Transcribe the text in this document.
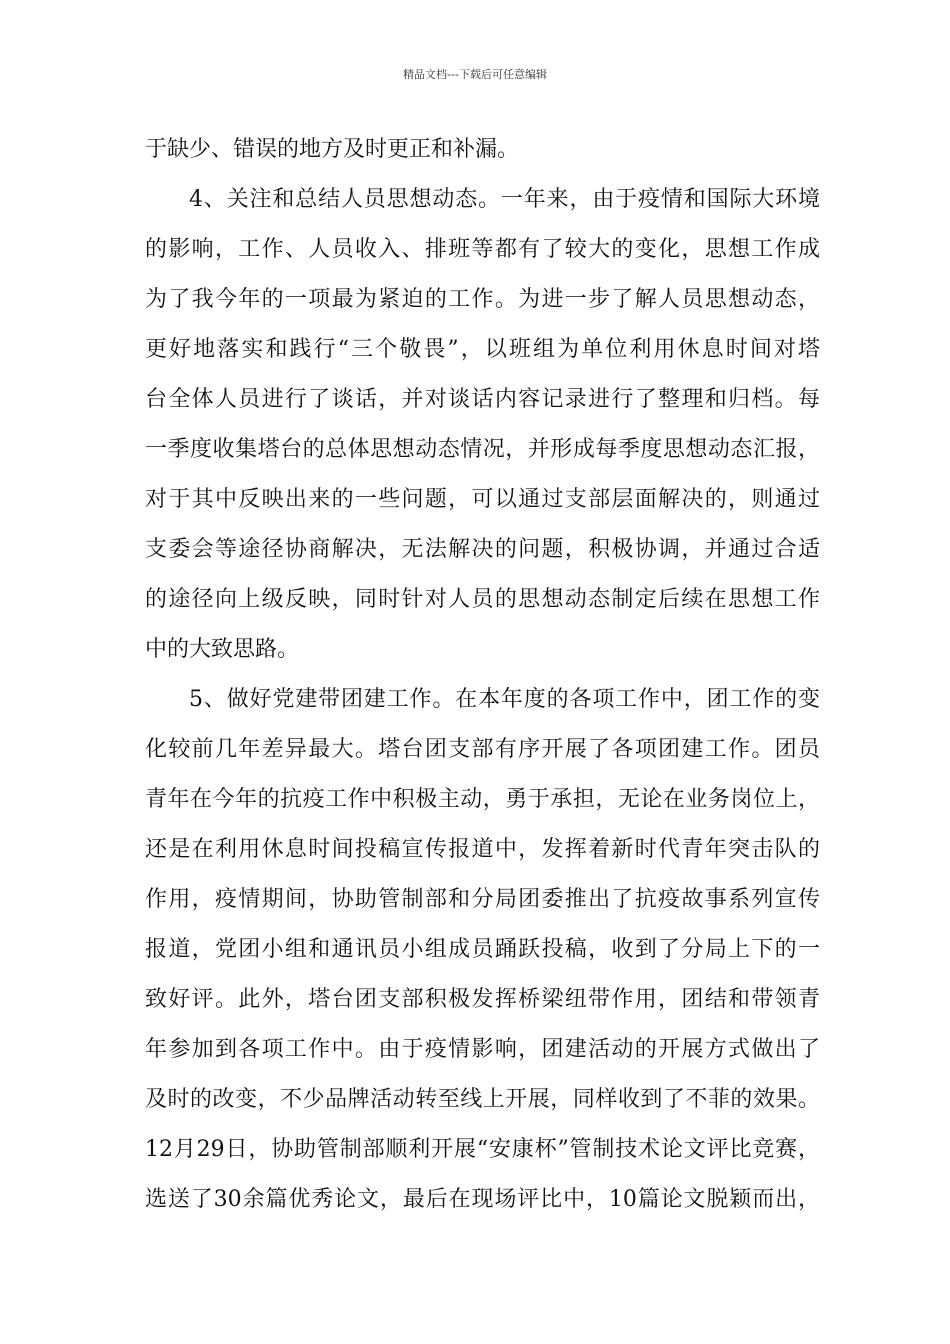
精品文档---下载后可任意编辑
于缺少、错误的地方及时更正和补漏。
4、关注和总结人员思想动态。一年来，由于疫情和国际大环境
的影响，工作、人员收入、排班等都有了较大的变化，思想工作成
为了我今年的一项最为紧迫的工作。为进一步了解人员思想动态，
更好地落实和践行“三个敬畏”，以班组为单位利用休息时间对塔
台全体人员进行了谈话，并对谈话内容记录进行了整理和归档。每
一季度收集塔台的总体思想动态情况，并形成每季度思想动态汇报，
对于其中反映出来的一些问题，可以通过支部层面解决的，则通过
支委会等途径协商解决，无法解决的问题，积极协调，并通过合适
的途径向上级反映，同时针对人员的思想动态制定后续在思想工作
中的大致思路。
5、做好党建带团建工作。在本年度的各项工作中，团工作的变
化较前几年差异最大。塔台团支部有序开展了各项团建工作。团员
青年在今年的抗疫工作中积极主动，勇于承担，无论在业务岗位上，
还是在利用休息时间投稿宣传报道中，发挥着新时代青年突击队的
作用，疫情期间，协助管制部和分局团委推出了抗疫故事系列宣传
报道，党团小组和通讯员小组成员踊跃投稿，收到了分局上下的一
致好评。此外，塔台团支部积极发挥桥梁纽带作用，团结和带领青
年参加到各项工作中。由于疫情影响，团建活动的开展方式做出了
及时的改变，不少品牌活动转至线上开展，同样收到了不菲的效果。
12月29日，协助管制部顺利开展“安康杯”管制技术论文评比竞赛，
选送了30余篇优秀论文，最后在现场评比中，10篇论文脱颖而出，
